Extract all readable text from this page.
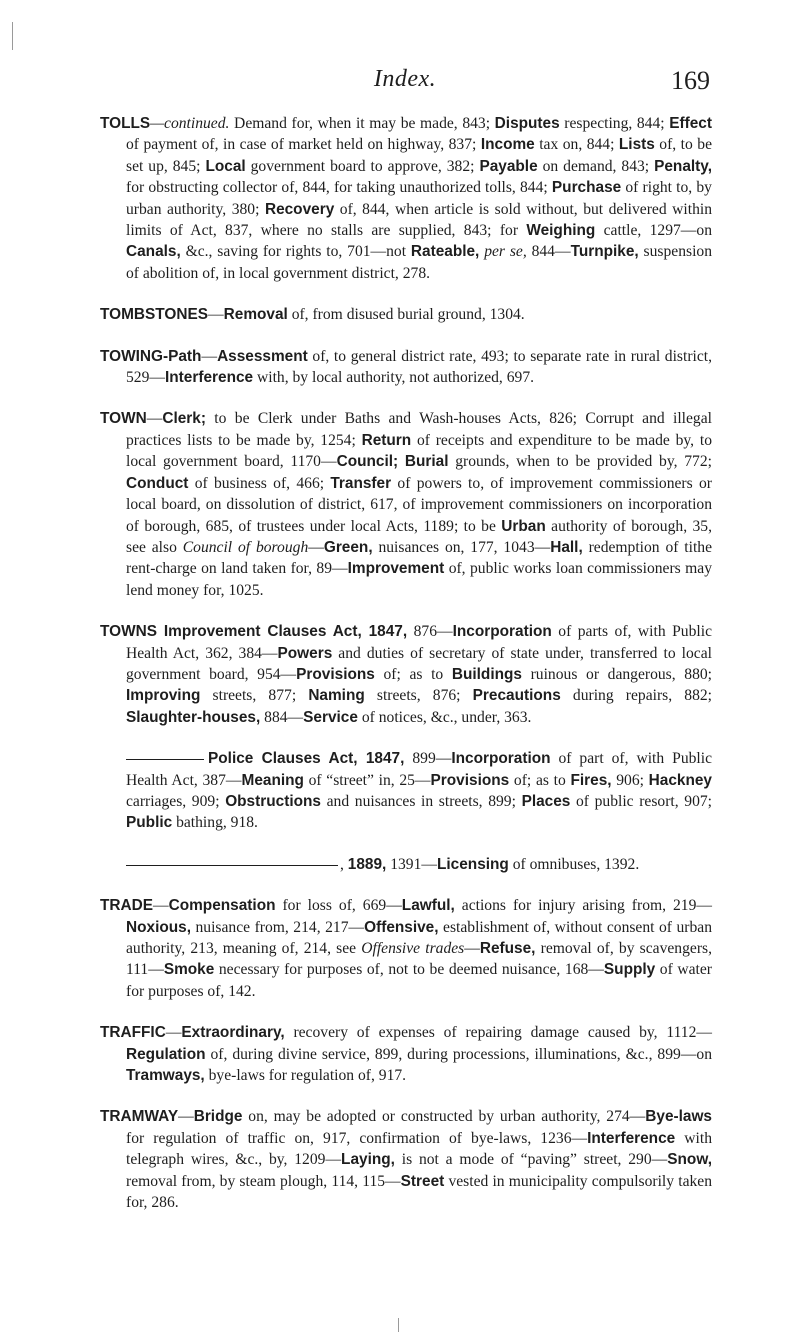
Index.	169

TOLLS—continued. Demand for, when it may be made, 843; Disputes respecting, 844; Effect of payment of, in case of market held on highway, 837; Income tax on, 844; Lists of, to be set up, 845; Local government board to approve, 382; Payable on demand, 843; Penalty, for obstructing collector of, 844, for taking unauthorized tolls, 844; Purchase of right to, by urban authority, 380; Recovery of, 844, when article is sold without, but delivered within limits of Act, 837, where no stalls are supplied, 843; for Weighing cattle, 1297—on Canals, &c., saving for rights to, 701—not Rateable, per se, 844—Turnpike, suspension of abolition of, in local government district, 278.

TOMBSTONES—Removal of, from disused burial ground, 1304.

TOWING-Path—Assessment of, to general district rate, 493; to separate rate in rural district, 529—Interference with, by local authority, not authorized, 697.

TOWN—Clerk; to be Clerk under Baths and Wash-houses Acts, 826; Corrupt and illegal practices lists to be made by, 1254; Return of receipts and expenditure to be made by, to local government board, 1170—Council; Burial grounds, when to be provided by, 772; Conduct of business of, 466; Transfer of powers to, of improvement commissioners or local board, on dissolution of district, 617, of improvement commissioners on incorporation of borough, 685, of trustees under local Acts, 1189; to be Urban authority of borough, 35, see also Council of borough—Green, nuisances on, 177, 1043—Hall, redemption of tithe rent-charge on land taken for, 89—Improvement of, public works loan commissioners may lend money for, 1025.

TOWNS Improvement Clauses Act, 1847, 876—Incorporation of parts of, with Public Health Act, 362, 384—Powers and duties of secretary of state under, transferred to local government board, 954—Provisions of; as to Buildings ruinous or dangerous, 880; Improving streets, 877; Naming streets, 876; Precautions during repairs, 882; Slaughter-houses, 884—Service of notices, &c., under, 363.

Police Clauses Act, 1847, 899—Incorporation of part of, with Public Health Act, 387—Meaning of “street” in, 25—Provisions of; as to Fires, 906; Hackney carriages, 909; Obstructions and nuisances in streets, 899; Places of public resort, 907; Public bathing, 918.

, 1889, 1391—Licensing of omnibuses, 1392.

TRADE—Compensation for loss of, 669—Lawful, actions for injury arising from, 219—Noxious, nuisance from, 214, 217—Offensive, establishment of, without consent of urban authority, 213, meaning of, 214, see Offensive trades—Refuse, removal of, by scavengers, 111—Smoke necessary for purposes of, not to be deemed nuisance, 168—Supply of water for purposes of, 142.

TRAFFIC—Extraordinary, recovery of expenses of repairing damage caused by, 1112—Regulation of, during divine service, 899, during processions, illuminations, &c., 899—on Tramways, bye-laws for regulation of, 917.

TRAMWAY—Bridge on, may be adopted or constructed by urban authority, 274—Bye-laws for regulation of traffic on, 917, confirmation of bye-laws, 1236—Interference with telegraph wires, &c., by, 1209—Laying, is not a mode of “paving” street, 290—Snow, removal from, by steam plough, 114, 115—Street vested in municipality compulsorily taken for, 286.
